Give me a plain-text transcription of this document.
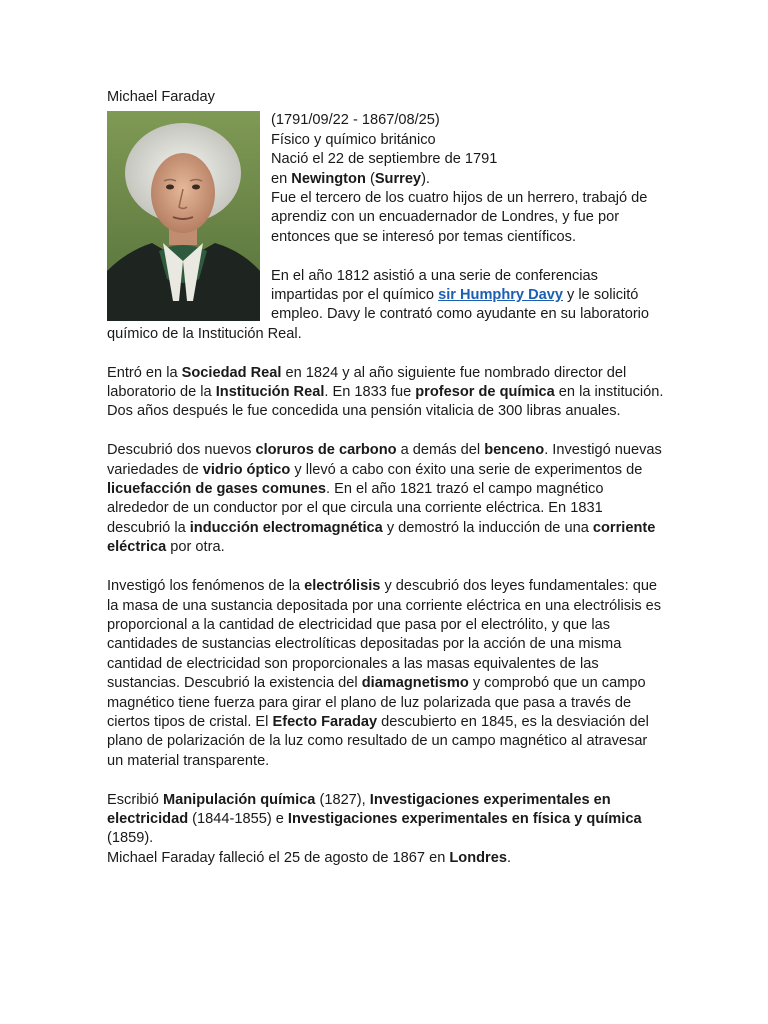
Michael Faraday

(1791/09/22 - 1867/08/25)

Físico y químico británico

Nació el 22 de septiembre de 1791

en Newington (Surrey).

Fue el tercero de los cuatro hijos de un herrero, trabajó de aprendiz con un encuadernador de Londres, y fue por entonces que se interesó por temas científicos.

En el año 1812 asistió a una serie de conferencias impartidas por el químico sir Humphry Davy y le solicitó empleo. Davy le contrató como ayudante en su laboratorio químico de la Institución Real.

Entró en la Sociedad Real en 1824 y al año siguiente fue nombrado director del laboratorio de la Institución Real. En 1833 fue profesor de química en la institución. Dos años después le fue concedida una pensión vitalicia de 300 libras anuales.

Descubrió dos nuevos cloruros de carbono a demás del benceno. Investigó nuevas variedades de vidrio óptico y llevó a cabo con éxito una serie de experimentos de licuefacción de gases comunes. En el año 1821 trazó el campo magnético alrededor de un conductor por el que circula una corriente eléctrica. En 1831 descubrió la inducción electromagnética y demostró la inducción de una corriente eléctrica por otra.

Investigó los fenómenos de la electrólisis y descubrió dos leyes fundamentales: que la masa de una sustancia depositada por una corriente eléctrica en una electrólisis es proporcional a la cantidad de electricidad que pasa por el electrólito, y que las cantidades de sustancias electrolíticas depositadas por la acción de una misma cantidad de electricidad son proporcionales a las masas equivalentes de las sustancias. Descubrió la existencia del diamagnetismo y comprobó que un campo magnético tiene fuerza para girar el plano de luz polarizada que pasa a través de ciertos tipos de cristal. El Efecto Faraday descubierto en 1845, es la desviación del plano de polarización de la luz como resultado de un campo magnético al atravesar un material transparente.

Escribió Manipulación química (1827), Investigaciones experimentales en electricidad (1844-1855) e Investigaciones experimentales en física y química (1859).

Michael Faraday falleció el 25 de agosto de 1867 en Londres.
